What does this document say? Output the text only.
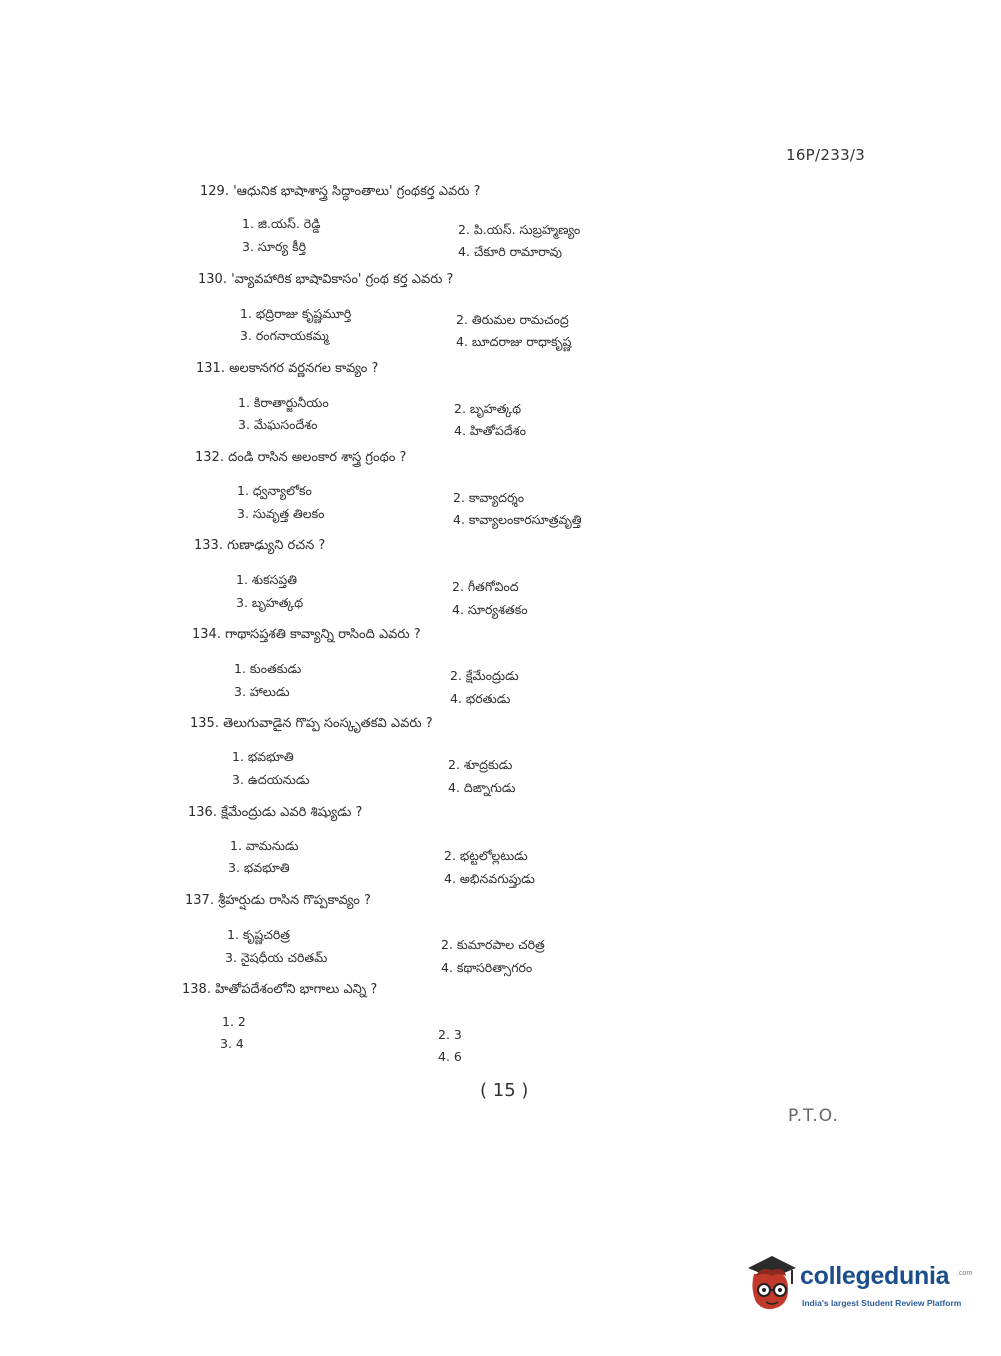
16P/233/3
129. 'ఆధునిక భాషాశాస్త్ర సిద్ధాంతాలు' గ్రంథకర్త ఎవరు ?
1. జి.యస్. రెడ్డి	2. పి.యస్. సుబ్రహ్మణ్యం
3. సూర్య కీర్తి	4. చేకూరి రామారావు
130. 'వ్యావహారిక భాషావికాసం' గ్రంథ కర్త ఎవరు ?
1. భద్రిరాజు కృష్ణమూర్తి	2. తిరుమల రామచంద్ర
3. రంగనాయకమ్మ	4. బూదరాజు రాధాకృష్ణ
131. అలకానగర వర్ణనగల కావ్యం ?
1. కిరాతార్జునీయం	2. బృహత్కథ
3. మేఘసందేశం	4. హితోపదేశం
132. దండి రాసిన అలంకార శాస్త్ర గ్రంథం ?
1. ధ్వన్యాలోకం	2. కావ్యాదర్శం
3. సువృత్త తిలకం	4. కావ్యాలంకారసూత్రవృత్తి
133. గుణాఢ్యుని రచన ?
1. శుకసప్తతి	2. గీతగోవింద
3. బృహత్కథ	4. సూర్యశతకం
134. గాథాసప్తశతి కావ్యాన్ని రాసింది ఎవరు ?
1. కుంతకుడు	2. క్షేమేంద్రుడు
3. హాలుడు	4. భరతుడు
135. తెలుగువాడైన గొప్ప సంస్కృతకవి ఎవరు ?
1. భవభూతి
2. శూద్రకుడు
3. ఉదయనుడు
4. దిఙ్నాగుడు
136. క్షేమేంద్రుడు ఎవరి శిష్యుడు ?
1. వామనుడు
2. భట్టలోల్లటుడు
3. భవభూతి
4. అభినవగుప్తుడు
137. శ్రీహర్షుడు రాసిన గొప్పకావ్యం ?
1. కృష్ణచరిత్ర
2. కుమారపాల చరిత్ర
3. నైషధీయ చరితమ్
4. కథాసరిత్సాగరం
138. హితోపదేశంలోని భాగాలు ఎన్ని ?
1. 2
2. 3
3. 4
4. 6
( 15 )
P.T.O.
collegedunia .com
India's largest Student Review Platform
